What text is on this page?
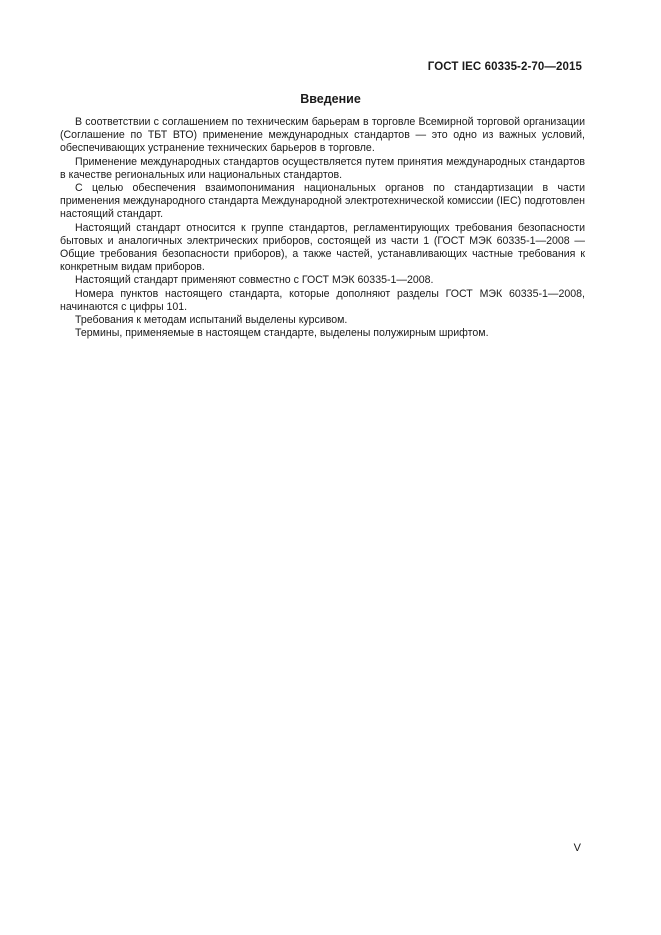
ГОСТ IEC 60335-2-70—2015
Введение

В соответствии с соглашением по техническим барьерам в торговле Всемирной торговой организации (Соглашение по ТБТ ВТО) применение международных стандартов — это одно из важных условий, обеспечивающих устранение технических барьеров в торговле.

Применение международных стандартов осуществляется путем принятия международных стандартов в качестве региональных или национальных стандартов.

С целью обеспечения взаимопонимания национальных органов по стандартизации в части применения международного стандарта Международной электротехнической комиссии (IEC) подготовлен настоящий стандарт.

Настоящий стандарт относится к группе стандартов, регламентирующих требования безопасности бытовых и аналогичных электрических приборов, состоящей из части 1 (ГОСТ МЭК 60335-1—2008 — Общие требования безопасности приборов), а также частей, устанавливающих частные требования к конкретным видам приборов.

Настоящий стандарт применяют совместно с ГОСТ МЭК 60335-1—2008.

Номера пунктов настоящего стандарта, которые дополняют разделы ГОСТ МЭК 60335-1—2008, начинаются с цифры 101.

Требования к методам испытаний выделены курсивом.

Термины, применяемые в настоящем стандарте, выделены полужирным шрифтом.

V
